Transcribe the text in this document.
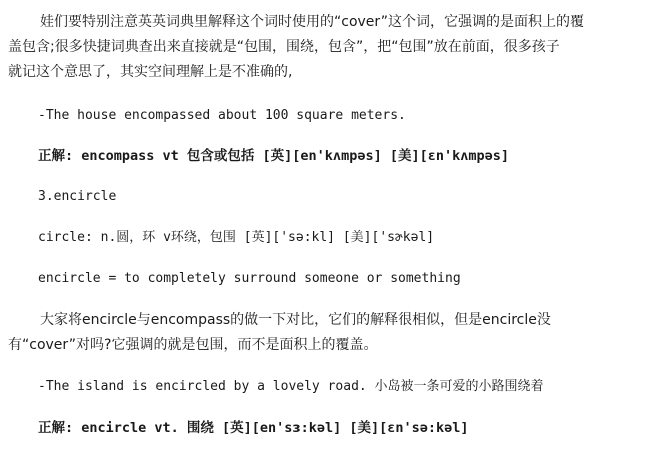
娃们要特别注意英英词典里解释这个词时使用的“cover”这个词，它强调的是面积上的覆
盖包含;很多快捷词典查出来直接就是“包围，围绕，包含”，把“包围”放在前面，很多孩子
就记这个意思了，其实空间理解上是不准确的,
-The house encompassed about 100 square meters.
正解: encompass vt 包含或包括 [英][en'kʌmpəs] [美][ɛn'kʌmpəs]
3.encircle
circle: n.圆，环 v环绕，包围 [英]['sə:kl] [美]['sɚkəl]
encircle = to completely surround someone or something
大家将encircle与encompass的做一下对比，它们的解释很相似，但是encircle没
有“cover”对吗?它强调的就是包围，而不是面积上的覆盖。
-The island is encircled by a lovely road. 小岛被一条可爱的小路围绕着
正解: encircle vt. 围绕 [英][en'sɜ:kəl] [美][ɛn'sə:kəl]
